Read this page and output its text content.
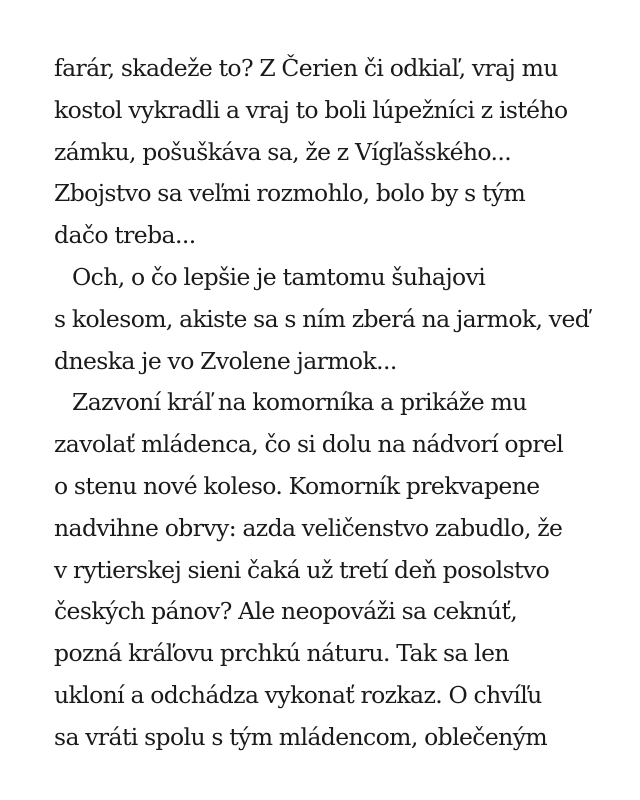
farár, skadeže to? Z Čerien či odkiaľ, vraj mu
kostol vykradli a vraj to boli lúpežníci z istého
zámku, pošuškáva sa, že z Vígľašského...
Zbojstvo sa veľmi rozmohlo, bolo by s tým
dačo treba...
Och, o čo lepšie je tamtomu šuhajovi
s kolesom, akiste sa s ním zberá na jarmok, veď
dneska je vo Zvolene jarmok...
Zazvoní kráľ na komorníka a prikáže mu
zavolať mládenca, čo si dolu na nádvorí oprel
o stenu nové koleso. Komorník prekvapene
nadvihne obrvy: azda veličenstvo zabudlo, že
v rytierskej sieni čaká už tretí deň posolstvo
českých pánov? Ale neopováži sa ceknúť,
pozná kráľovu prchkú náturu. Tak sa len
ukloní a odchádza vykonať rozkaz. O chvíľu
sa vráti spolu s tým mládencom, oblečeným
